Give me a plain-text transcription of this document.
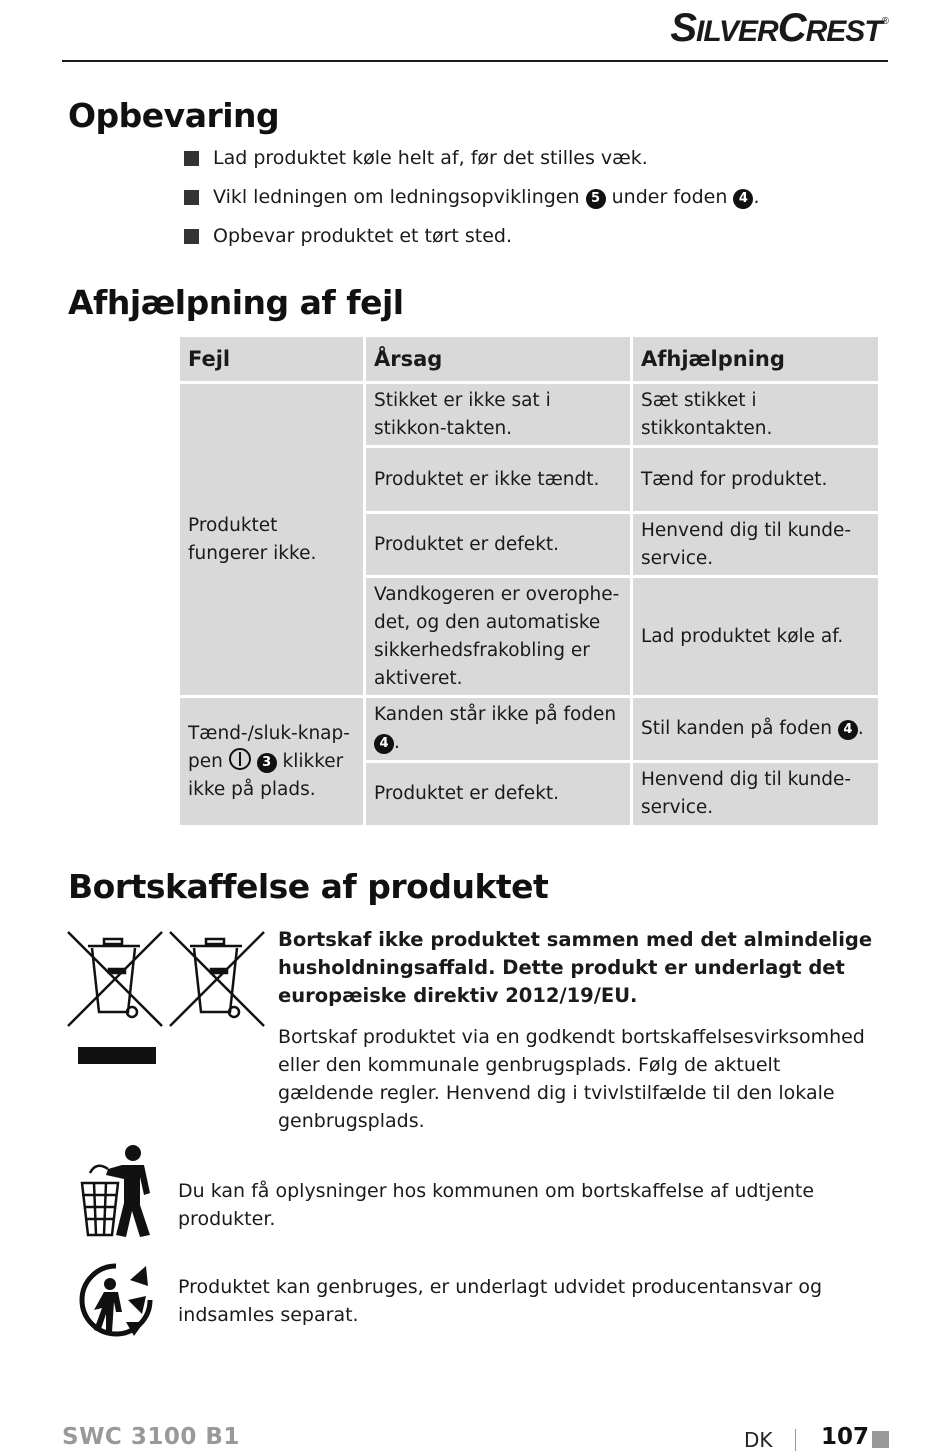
SILVERCREST®
Opbevaring
Lad produktet køle helt af, før det stilles væk.
Vikl ledningen om ledningsopviklingen 5 under foden 4 .
Opbevar produktet et tørt sted.
Afhjælpning af fejl
Fejl	Årsag	Afhjælpning
Produktet fungerer ikke.	Stikket er ikke sat i stikkon-takten.	Sæt stikket i stikkontakten.
	Produktet er ikke tændt.	Tænd for produktet.
	Produktet er defekt.	Henvend dig til kunde-service.
	Vandkogeren er overophe-det, og den automatiske sikkerhedsfrakobling er aktiveret.	Lad produktet køle af.
Tænd-/sluk-knap-pen 3 klikker ikke på plads.	Kanden står ikke på foden 4 .	Stil kanden på foden 4 .
	Produktet er defekt.	Henvend dig til kunde-service.
Bortskaffelse af produktet

Bortskaf ikke produktet sammen med det almindelige husholdningsaffald. Dette produkt er underlagt det europæiske direktiv 2012/19/EU.

Bortskaf produktet via en godkendt bortskaffelsesvirksomhed eller den kommunale genbrugsplads. Følg de aktuelt gældende regler. Henvend dig i tvivlstilfælde til den lokale genbrugsplads.

Du kan få oplysninger hos kommunen om bortskaffelse af udtjente produkter.

Produktet kan genbruges, er underlagt udvidet producentansvar og indsamles separat.

SWC 3100 B1	DK 107
